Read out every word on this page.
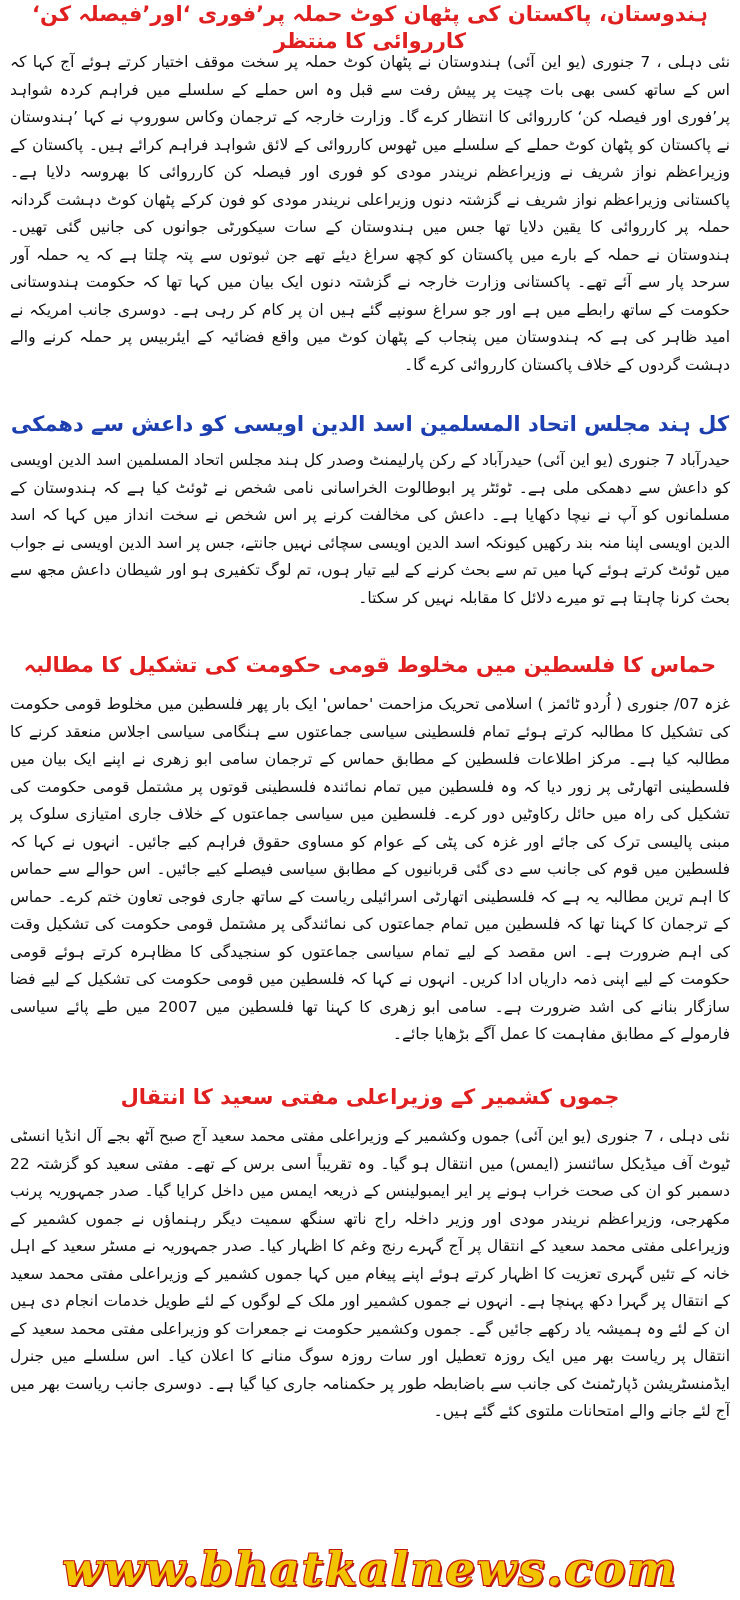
ہندوستان، پاکستان کی پٹھان کوٹ حملہ پر’فوری ‘اور’فیصلہ کن‘ کارروائی کا منتظر

نئی دہلی ، 7 جنوری (یو این آئی) ہندوستان نے پٹھان کوٹ حملہ پر سخت موقف اختیار کرتے ہوئے آج کہا کہ اس کے ساتھ کسی بھی بات چیت پر پیش رفت سے قبل وہ اس حملے کے سلسلے میں فراہم کردہ شواہد پر’فوری اور فیصلہ کن‘ کارروائی کا انتظار کرے گا۔ وزارت خارجہ کے ترجمان وکاس سوروپ نے کہا ’ہندوستان نے پاکستان کو پٹھان کوٹ حملے کے سلسلے میں ٹھوس کارروائی کے لائق شواہد فراہم کرائے ہیں۔ پاکستان کے وزیراعظم نواز شریف نے وزیراعظم نریندر مودی کو فوری اور فیصلہ کن کارروائی کا بھروسہ دلایا ہے۔ پاکستانی وزیراعظم نواز شریف نے گزشتہ دنوں وزیراعلی نریندر مودی کو فون کرکے پٹھان کوٹ دہشت گردانہ حملہ پر کارروائی کا یقین دلایا تھا جس میں ہندوستان کے سات سیکورٹی جوانوں کی جانیں گئی تھیں۔ ہندوستان نے حملہ کے بارے میں پاکستان کو کچھ سراغ دیئے تھے جن ثبوتوں سے پتہ چلتا ہے کہ یہ حملہ آور سرحد پار سے آئے تھے۔ پاکستانی وزارت خارجہ نے گزشتہ دنوں ایک بیان میں کہا تھا کہ حکومت ہندوستانی حکومت کے ساتھ رابطے میں ہے اور جو سراغ سونپے گئے ہیں ان پر کام کر رہی ہے۔ دوسری جانب امریکہ نے امید ظاہر کی ہے کہ ہندوستان میں پنجاب کے پٹھان کوٹ میں واقع فضائیہ کے ایئربیس پر حملہ کرنے والے دہشت گردوں کے خلاف پاکستان کارروائی کرے گا۔

کل ہند مجلس اتحاد المسلمین اسد الدین اویسی کو داعش سے دھمکی

حیدرآباد 7 جنوری (یو این آئی) حیدرآباد کے رکن پارلیمنٹ وصدر کل ہند مجلس اتحاد المسلمین اسد الدین اویسی کو داعش سے دھمکی ملی ہے۔ ٹوئٹر پر ابوطالوت الخراسانی نامی شخص نے ٹوئٹ کیا ہے کہ ہندوستان کے مسلمانوں کو آپ نے نیچا دکھایا ہے۔ داعش کی مخالفت کرنے پر اس شخص نے سخت انداز میں کہا کہ اسد الدین اویسی اپنا منہ بند رکھیں کیونکہ اسد الدین اویسی سچائی نہیں جانتے، جس پر اسد الدین اویسی نے جواب میں ٹوئٹ کرتے ہوئے کہا میں تم سے بحث کرنے کے لیے تیار ہوں، تم لوگ تکفیری ہو اور شیطان داعش مجھ سے بحث کرنا چاہتا ہے تو میرے دلائل کا مقابلہ نہیں کر سکتا۔

حماس کا فلسطین میں مخلوط قومی حکومت کی تشکیل کا مطالبہ

غزہ 07/ جنوری ( اُردو ٹائمز ) اسلامی تحریک مزاحمت 'حماس' ایک بار پھر فلسطین میں مخلوط قومی حکومت کی تشکیل کا مطالبہ کرتے ہوئے تمام فلسطینی سیاسی جماعتوں سے ہنگامی سیاسی اجلاس منعقد کرنے کا مطالبہ کیا ہے۔ مرکز اطلاعات فلسطین کے مطابق حماس کے ترجمان سامی ابو زھری نے اپنے ایک بیان میں فلسطینی اتھارٹی پر زور دیا کہ وہ فلسطین میں تمام نمائندہ فلسطینی قوتوں پر مشتمل قومی حکومت کی تشکیل کی راہ میں حائل رکاوٹیں دور کرے۔ فلسطین میں سیاسی جماعتوں کے خلاف جاری امتیازی سلوک پر مبنی پالیسی ترک کی جائے اور غزہ کی پٹی کے عوام کو مساوی حقوق فراہم کیے جائیں۔ انہوں نے کہا کہ فلسطین میں قوم کی جانب سے دی گئی قربانیوں کے مطابق سیاسی فیصلے کیے جائیں۔ اس حوالے سے حماس کا اہم ترین مطالبہ یہ ہے کہ فلسطینی اتھارٹی اسرائیلی ریاست کے ساتھ جاری فوجی تعاون ختم کرے۔ حماس کے ترجمان کا کہنا تھا کہ فلسطین میں تمام جماعتوں کی نمائندگی پر مشتمل قومی حکومت کی تشکیل وقت کی اہم ضرورت ہے۔ اس مقصد کے لیے تمام سیاسی جماعتوں کو سنجیدگی کا مظاہرہ کرتے ہوئے قومی حکومت کے لیے اپنی ذمہ داریاں ادا کریں۔ انہوں نے کہا کہ فلسطین میں قومی حکومت کی تشکیل کے لیے فضا سازگار بنانے کی اشد ضرورت ہے۔ سامی ابو زھری کا کہنا تھا فلسطین میں 2007 میں طے پائے سیاسی فارمولے کے مطابق مفاہمت کا عمل آگے بڑھایا جائے۔

جموں کشمیر کے وزیراعلی مفتی سعید کا انتقال

نئی دہلی ، 7 جنوری (یو این آئی) جموں وکشمیر کے وزیراعلی مفتی محمد سعید آج صبح آٹھ بجے آل انڈیا انسٹی ٹیوٹ آف میڈیکل سائنسز (ایمس) میں انتقال ہو گیا۔ وہ تقریباً اسی برس کے تھے۔ مفتی سعید کو گزشتہ 22 دسمبر کو ان کی صحت خراب ہونے پر ایر ایمبولینس کے ذریعہ ایمس میں داخل کرایا گیا۔ صدر جمہوریہ پرنب مکھرجی، وزیراعظم نریندر مودی اور وزیر داخلہ راج ناتھ سنگھ سمیت دیگر رہنماؤں نے جموں کشمیر کے وزیراعلی مفتی محمد سعید کے انتقال پر آج گہرے رنج وغم کا اظہار کیا۔ صدر جمہوریہ نے مسٹر سعید کے اہل خانہ کے تئیں گہری تعزیت کا اظہار کرتے ہوئے اپنے پیغام میں کہا جموں کشمیر کے وزیراعلی مفتی محمد سعید کے انتقال پر گہرا دکھ پہنچا ہے۔ انہوں نے جموں کشمیر اور ملک کے لوگوں کے لئے طویل خدمات انجام دی ہیں ان کے لئے وہ ہمیشہ یاد رکھے جائیں گے۔ جموں وکشمیر حکومت نے جمعرات کو وزیراعلی مفتی محمد سعید کے انتقال پر ریاست بھر میں ایک روزہ تعطیل اور سات روزہ سوگ منانے کا اعلان کیا۔ اس سلسلے میں جنرل ایڈمنسٹریشن ڈپارٹمنٹ کی جانب سے باضابطہ طور پر حکمنامہ جاری کیا گیا ہے۔ دوسری جانب ریاست بھر میں آج لئے جانے والے امتحانات ملتوی کئے گئے ہیں۔

www.bhatkalnews.com
